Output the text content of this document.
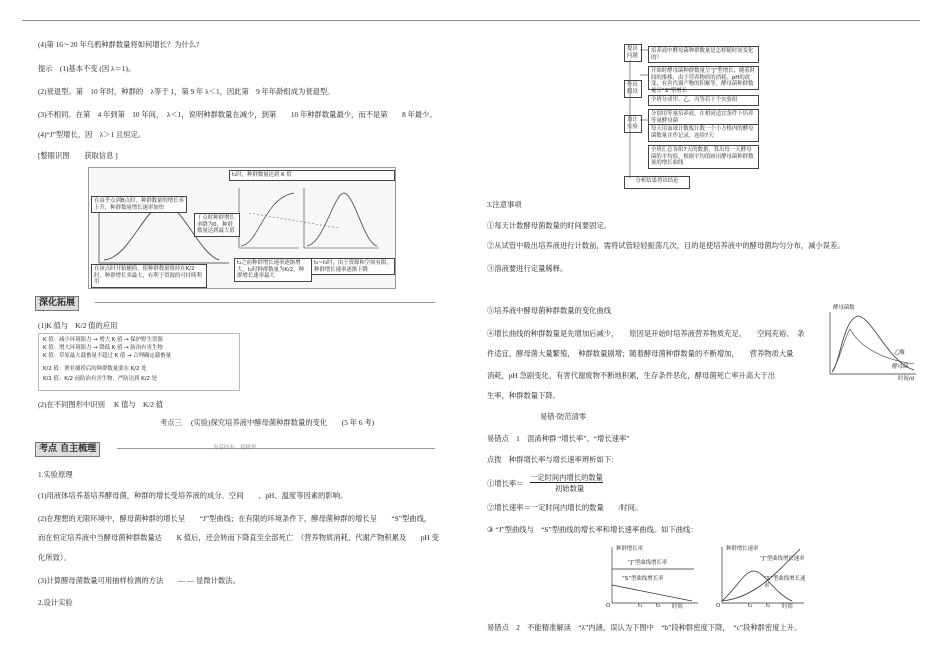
(4)第 16～20 年乌鸦种群数量将如何增长？为什么?
提示　(1)基本不变 (因 λ＝1)。
(2)衰退型。第　10 年时，种群的　λ等于 1，第 9 年 λ＜1，因此第　9 年年龄组成为衰退型。
(3)不相同。在第　4 年到第　10 年间，　λ＜1，说明种群数量在减少，到第　　10 年种群数量最少，而不是第　　8 年最少。
(4)“J”型增长，因　λ＞1 且恒定。
[整眼识图　　获取信息 ]
在由乎点到B点时，种群数量的增长率上升，种群数量增长速率加快
丁点时种群增长率降为0，种群数量达到最大值
在该点时开始捕捞，使种群数量维持在K/2时，种群增长率最大，有利于资源的可持续利用
t₁时，种群数量达到 K 值
t₂之前种群增长速率逐渐增大，t₂时种群数量为K/2，种群增长速率最大
t₂~t₃时，由于资源和空间有限，种群增长速率逐渐下降
深化拓展
(1)K 值与　K/2 值的应用
K 值：减小环境阻力 → 增大 K 值 → 保护野生资源
K 值：增大环境阻力 → 降低 K 值 → 防治有害生物
K 值：草原最大载畜量不超过 K 值 → 合理确定载畜量
K/2 值：渔业捕捞后的种群数量要在 K/2 处
K/2 值：K/2 前防治有害生物，严防达到 K/2 处
(2)在不同图形中识别　 K 值与　K/2 值
考点三　 (实验)探究培养液中酵母菌种群数量的变化　　(5 年 6 考)
考点 自主梳理	夯基固本　提精华
1.实验原理
(1)用液体培养基培养酵母菌，种群的增长受培养液的成分、空间　　、pH、温度等因素的影响。
(2)在理想的无限环境中，酵母菌种群的增长呈　　“J”型曲线；在有限的环境条件下，酵母菌种群的增长呈　　“S”型曲线，
而在恒定培养液中当酵母菌种群数量达　　K 值后，还会转而下降直至全部死亡　（营养物质消耗、代谢产物积累及　　pH 变
化所致）。
(3)计算酵母菌数量可用抽样检测的方法　　— — 显微计数法。
2.设计实验
提出问题
作出假设
设计实验
培养液中酵母菌种群数量是怎样随时间变化的？
开始时酵母菌种群数量呈“J”型增长，随着时间的推移，由于营养物质的消耗、pH的改变、有害代谢产物的积累等，酵母菌种群数量呈“S”型增长
全班分成甲、乙、丙等若干个实验组
分别用等量培养液，在相同适宜条件下培养等量酵母菌
每天用血球计数板计数一个小方格内的酵母菌数量并作记录，连续7天
全班汇总各组7天的数据，算出每一天酵母菌的平均值，根据平均值画出酵母菌种群数量的增长曲线
分析结果得出结论
3.注意事项
①每天计数酵母菌数量的时间要固定。
②从试管中吸出培养液进行计数前，需将试管轻轻振荡几次，目的是使培养液中的酵母菌均匀分布，减小误差。
③溶液要进行定量稀释。
⑤培养液中酵母菌种群数量的变化曲线
④增长曲线的种群数量是先增加后减少，　　原因是开始时培养液营养物质充足、　　空间充裕、　条
件适宜，酵母菌大量繁殖，　种群数量剧增；随着酵母菌种群数量的不断增加，　　营养物质大量
消耗，pH 急剧变化，有害代谢废物不断地积累，生存条件恶化，酵母菌死亡率升高大于出
生率，种群数量下降。
酵母菌数
乙酶
酵母菌
时间/d
易错·防范清零
易错点　1　混淆种群 “增长率”、“增长速率”
点拨　种群增长率与增长速率辨析如下：
①增长率＝
一定时间内增长的数量
初始数量
②增长速率＝一定时间内增长的数量　　/时间。
③ “J”型曲线与　“S”型曲线的增长率和增长速率曲线。如下曲线：
种群增长率
“J”型曲线增长率
“S”型曲线增长率
O	t₁	t₂ 时间
种群增长速率
“J”型曲线增长速率
“S”型曲线增长速率
O	t₁	t₂ 时间
易错点　2　不能精准解读　“λ”内涵，误认为下图中　“b”段种群密度下降，　“c”段种群密度上升。
